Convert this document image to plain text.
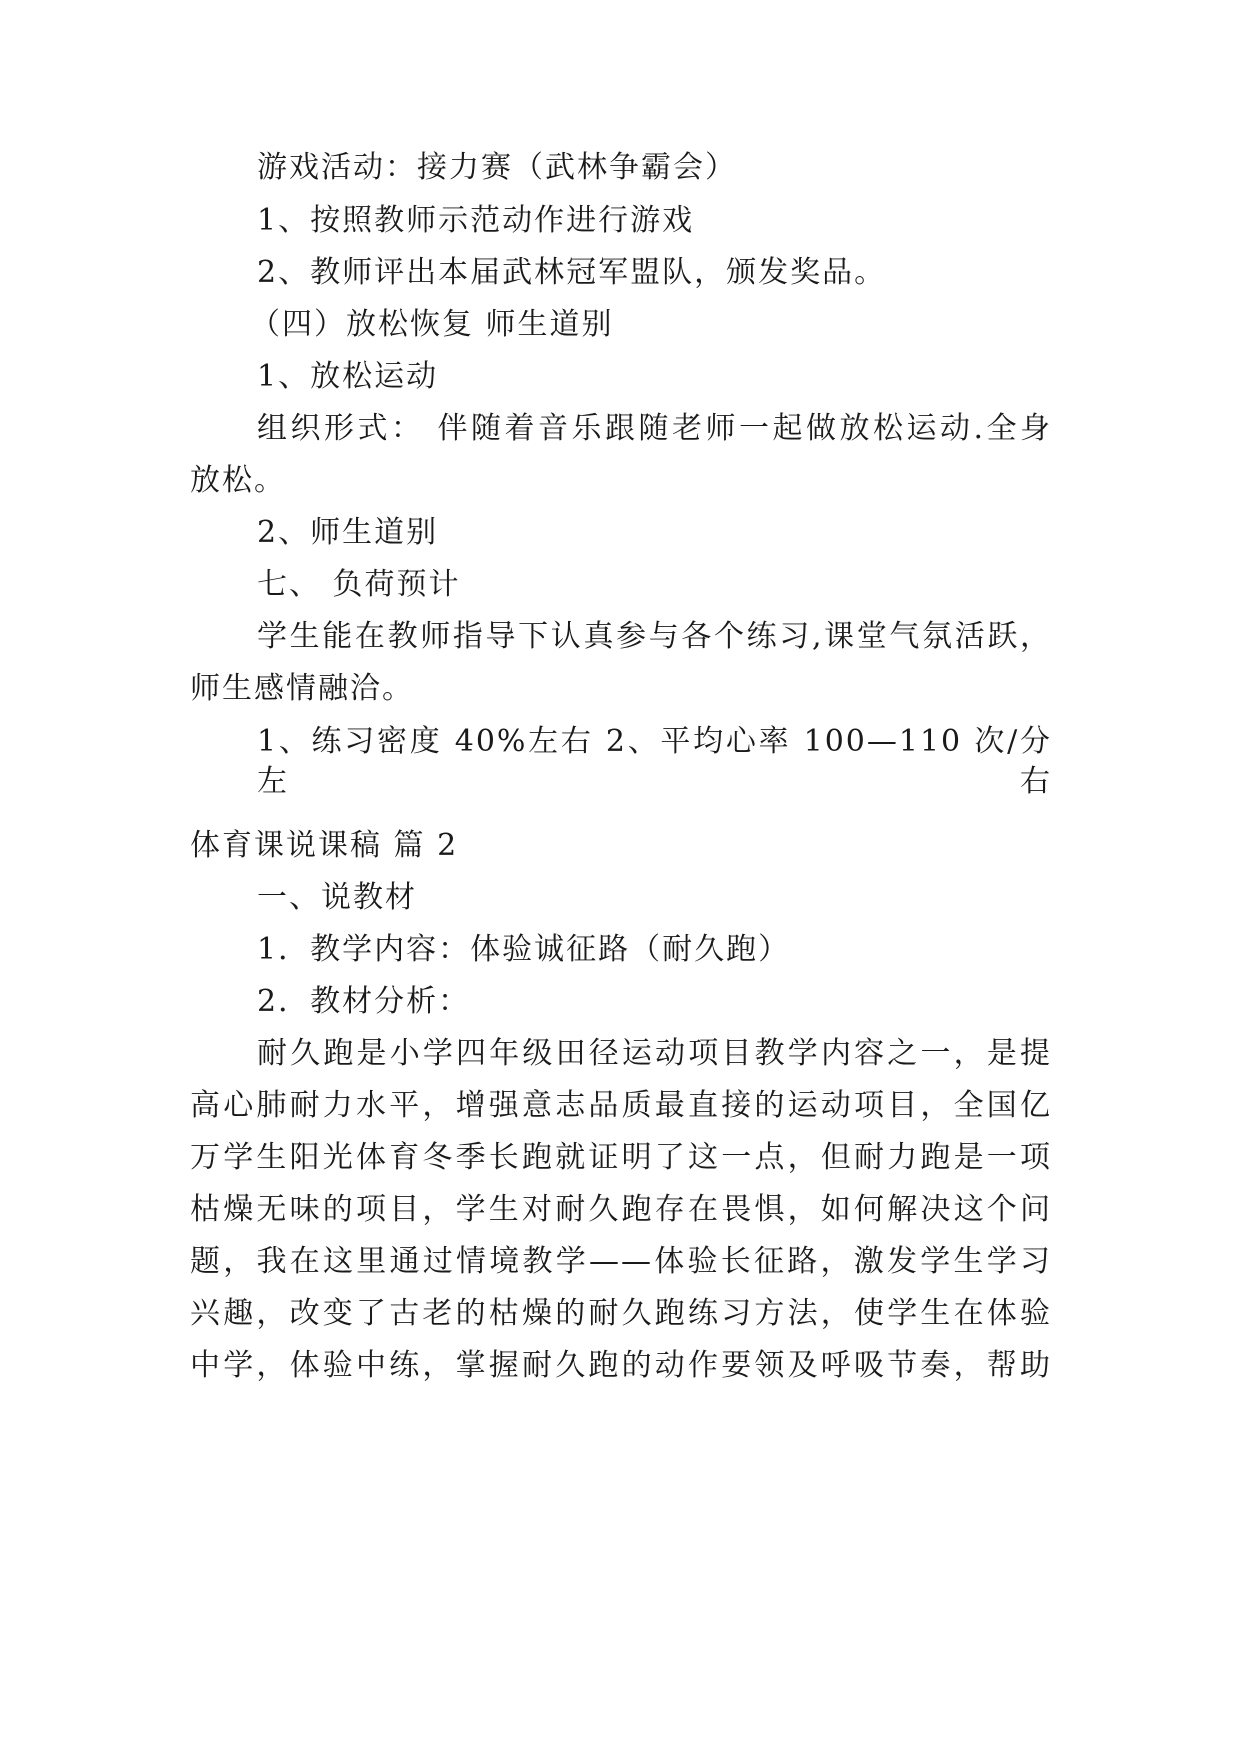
游戏活动：接力赛（武林争霸会）
1、按照教师示范动作进行游戏
2、教师评出本届武林冠军盟队，颁发奖品。
（四）放松恢复 师生道别
1、放松运动
组织形式： 伴随着音乐跟随老师一起做放松运动.全身
放松。
2、师生道别
七、 负荷预计
学生能在教师指导下认真参与各个练习,课堂气氛活跃，
师生感情融洽。
1、练习密度 40%左右 2、平均心率 100—110 次/分左右
体育课说课稿 篇 2
一、说教材
1．教学内容：体验诚征路（耐久跑）
2．教材分析：
耐久跑是小学四年级田径运动项目教学内容之一，是提
高心肺耐力水平，增强意志品质最直接的运动项目，全国亿
万学生阳光体育冬季长跑就证明了这一点，但耐力跑是一项
枯燥无味的项目，学生对耐久跑存在畏惧，如何解决这个问
题，我在这里通过情境教学——体验长征路，激发学生学习
兴趣，改变了古老的枯燥的耐久跑练习方法，使学生在体验
中学，体验中练，掌握耐久跑的动作要领及呼吸节奏，帮助
